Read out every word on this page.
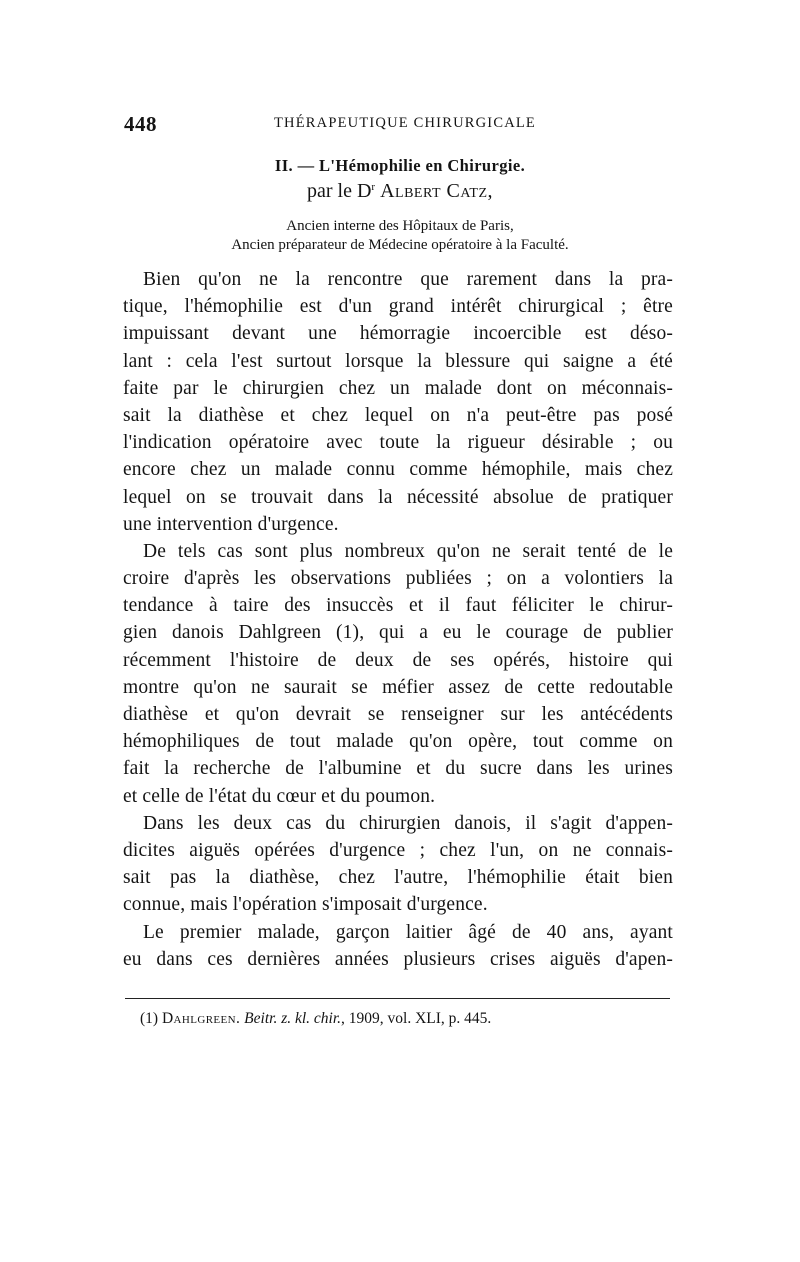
448	THÉRAPEUTIQUE CHIRURGICALE
II. — L'Hémophilie en Chirurgie.
par le $D^r$ Albert Catz,
Ancien interne des Hôpitaux de Paris,
Ancien préparateur de Médecine opératoire à la Faculté.
Bien qu'on ne la rencontre que rarement dans la pra-
tique, l'hémophilie est d'un grand intérêt chirurgical ; être
impuissant devant une hémorragie incoercible est déso-
lant : cela l'est surtout lorsque la blessure qui saigne a été
faite par le chirurgien chez un malade dont on méconnais-
sait la diathèse et chez lequel on n'a peut-être pas posé
l'indication opératoire avec toute la rigueur désirable ; ou
encore chez un malade connu comme hémophile, mais chez
lequel on se trouvait dans la nécessité absolue de pratiquer
une intervention d'urgence.
De tels cas sont plus nombreux qu'on ne serait tenté de le
croire d'après les observations publiées ; on a volontiers la
tendance à taire des insuccès et il faut féliciter le chirur-
gien danois Dahlgreen (1), qui a eu le courage de publier
récemment l'histoire de deux de ses opérés, histoire qui
montre qu'on ne saurait se méfier assez de cette redoutable
diathèse et qu'on devrait se renseigner sur les antécédents
hémophiliques de tout malade qu'on opère, tout comme on
fait la recherche de l'albumine et du sucre dans les urines
et celle de l'état du cœur et du poumon.
Dans les deux cas du chirurgien danois, il s'agit d'appen-
dicites aiguës opérées d'urgence ; chez l'un, on ne connais-
sait pas la diathèse, chez l'autre, l'hémophilie était bien
connue, mais l'opération s'imposait d'urgence.
Le premier malade, garçon laitier âgé de 40 ans, ayant
eu dans ces dernières années plusieurs crises aiguës d'apen-
(1) Dahlgreen. Beitr. z. kl. chir., 1909, vol. XLI, p. 445.
